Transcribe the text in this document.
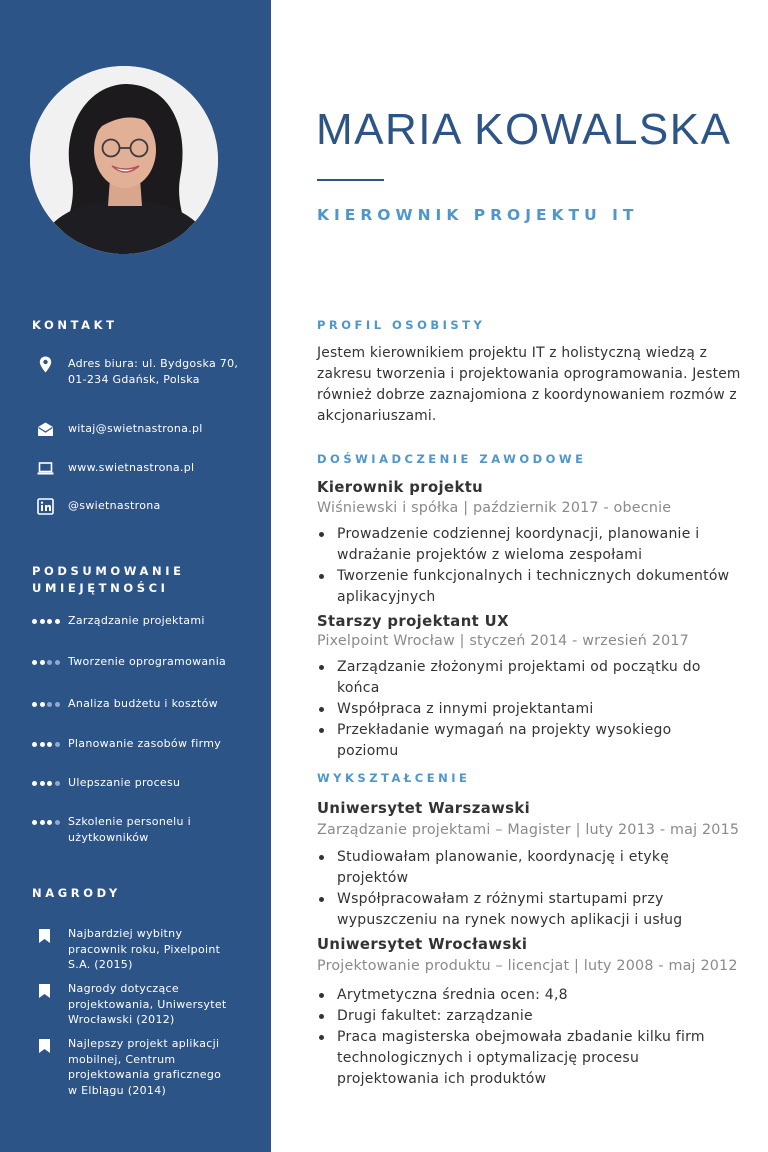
KONTAKT
Adres biura: ul. Bydgoska 70, 01-234 Gdańsk, Polska
witaj@swietnastrona.pl
www.swietnastrona.pl
@swietnastrona
PODSUMOWANIE UMIEJĘTNOŚCI
Zarządzanie projektami
Tworzenie oprogramowania
Analiza budżetu i kosztów
Planowanie zasobów firmy
Ulepszanie procesu
Szkolenie personelu i użytkowników
NAGRODY
Najbardziej wybitny pracownik roku, Pixelpoint S.A. (2015)
Nagrody dotyczące projektowania, Uniwersytet Wrocławski (2012)
Najlepszy projekt aplikacji mobilnej, Centrum projektowania graficznego w Elblągu (2014)
MARIA KOWALSKA
KIEROWNIK PROJEKTU IT
PROFIL OSOBISTY
Jestem kierownikiem projektu IT z holistyczną wiedzą z zakresu tworzenia i projektowania oprogramowania. Jestem również dobrze zaznajomiona z koordynowaniem rozmów z akcjonariuszami.
DOŚWIADCZENIE ZAWODOWE
Kierownik projektu
Wiśniewski i spółka | październik 2017 - obecnie
Prowadzenie codziennej koordynacji, planowanie i wdrażanie projektów z wieloma zespołami
Tworzenie funkcjonalnych i technicznych dokumentów aplikacyjnych
Starszy projektant UX
Pixelpoint Wrocław | styczeń 2014 - wrzesień 2017
Zarządzanie złożonymi projektami od początku do końca
Współpraca z innymi projektantami
Przekładanie wymagań na projekty wysokiego poziomu
WYKSZTAŁCENIE
Uniwersytet Warszawski
Zarządzanie projektami – Magister | luty 2013 - maj 2015
Studiowałam planowanie, koordynację i etykę projektów
Współpracowałam z różnymi startupami przy wypuszczeniu na rynek nowych aplikacji i usług
Uniwersytet Wrocławski
Projektowanie produktu – licencjat | luty 2008 - maj 2012
Arytmetyczna średnia ocen: 4,8
Drugi fakultet: zarządzanie
Praca magisterska obejmowała zbadanie kilku firm technologicznych i optymalizację procesu projektowania ich produktów
